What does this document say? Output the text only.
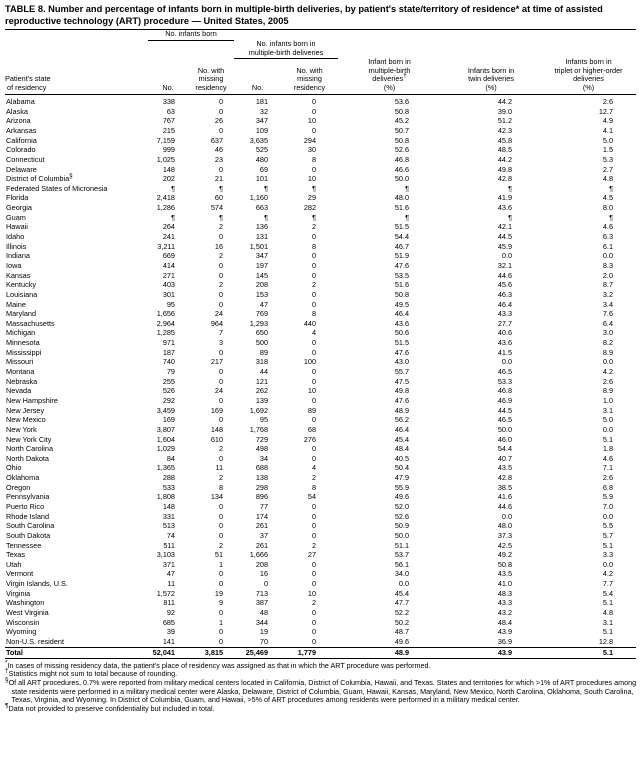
TABLE 8. Number and percentage of infants born in multiple-birth deliveries, by patient's state/territory of residence* at time of assisted reproductive technology (ART) procedure — United States, 2005
	No. infants born						
			No. infants born in
multiple-birth deliveries				

Patient's state
of residency	No.	No. with
missing
residency	No.	No. with
missing
residency	Infant born in
multiple-birth
deliveries†
(%)	Infants born in
twin deliveries
(%)	Infants born in
triplet or higher-order
deliveries
(%)

Alabama	338	0	181	0	53.6	44.2	2.6
Alaska	63	0	32	0	50.8	39.0	12.7
Arizona	767	26	347	10	45.2	51.2	4.9
Arkansas	215	0	109	0	50.7	42.3	4.1
California	7,159	637	3,635	294	50.8	45.8	5.0
Colorado	999	46	525	30	52.6	48.5	1.5
Connecticut	1,025	23	480	8	46.8	44.2	5.3
Delaware	148	0	69	0	46.6	49.8	2.7
District of Columbia§	202	21	101	10	50.0	42.8	4.8
Federated States of Micronesia	¶	¶	¶	¶	¶	¶	¶
Florida	2,418	60	1,160	29	48.0	41.9	4.5
Georgia	1,286	574	663	282	51.6	43.6	8.0
Guam	¶	¶	¶	¶	¶	¶	¶
Hawaii	264	2	136	2	51.5	42.1	4.6
Idaho	241	0	131	0	54.4	44.5	6.3
Illinois	3,211	16	1,501	8	46.7	45.9	6.1
Indiana	669	2	347	0	51.9	0.0	0.0
Iowa	414	0	197	0	47.6	32.1	8.3
Kansas	271	0	145	0	53.5	44.6	2.0
Kentucky	403	2	208	2	51.6	45.6	8.7
Louisiana	301	0	153	0	50.8	46.3	3.2
Maine	95	0	47	0	49.5	46.4	3.4
Maryland	1,656	24	769	8	46.4	43.3	7.6
Massachusetts	2,964	964	1,293	440	43.6	27.7	6.4
Michigan	1,285	7	650	4	50.6	40.6	3.0
Minnesota	971	3	500	0	51.5	43.6	8.2
Mississippi	187	0	89	0	47.6	41.5	8.9
Missouri	740	217	318	100	43.0	0.0	0.0
Montana	79	0	44	0	55.7	46.5	4.2
Nebraska	255	0	121	0	47.5	53.3	2.6
Nevada	526	24	262	10	49.8	46.8	8.9
New Hampshire	292	0	139	0	47.6	46.9	1.0
New Jersey	3,459	169	1,692	89	48.9	44.5	3.1
New Mexico	169	0	95	0	56.2	46.5	5.0
New York	3,807	148	1,768	68	46.4	50.0	0.0
New York City	1,604	610	729	276	45.4	46.0	5.1
North Carolina	1,029	2	498	0	48.4	54.4	1.8
North Dakota	84	0	34	0	40.5	40.7	4.6
Ohio	1,365	11	688	4	50.4	43.5	7.1
Oklahoma	288	2	138	2	47.9	42.8	2.6
Oregon	533	8	298	8	55.9	38.5	6.8
Pennsylvania	1,808	134	896	54	49.6	41.6	5.9
Puerto Rico	148	0	77	0	52.0	44.6	7.0
Rhode Island	331	0	174	0	52.6	0.0	0.0
South Carolina	513	0	261	0	50.9	48.0	5.5
South Dakota	74	0	37	0	50.0	37.3	5.7
Tennessee	511	2	261	2	51.1	42.5	5.1
Texas	3,103	51	1,666	27	53.7	49.2	3.3
Utah	371	1	208	0	56.1	50.8	0.0
Vermont	47	0	16	0	34.0	43.5	4.2
Virgin Islands, U.S.	11	0	0	0	0.0	41.0	7.7
Virginia	1,572	19	713	10	45.4	48.3	5.4
Washington	811	9	387	2	47.7	43.3	5.1
West Virginia	92	0	48	0	52.2	43.2	4.8
Wisconsin	685	1	344	0	50.2	48.4	3.1
Wyoming	39	0	19	0	48.7	43.9	5.1
Non-U.S. resident	141	0	70	0	49.6	36.9	12.8
Total	52,041	3,815	25,469	1,779	48.9	43.9	5.1

*In cases of missing residency data, the patient's place of residency was assigned as that in which the ART procedure was performed.
†Statistics might not sum to total because of rounding.
§Of all ART procedures, 0.7% were reported from military medical centers located in California, District of Columbia, Hawaii, and Texas. States and territories for which >1% of ART procedures among state residents were performed in a military medical center were Alaska, Delaware, District of Columbia, Guam, Hawaii, Kansas, Maryland, New Mexico, North Carolina, Oklahoma, South Carolina, Texas, Virginia, and Wyoming. In District of Columbia, Guam, and Hawaii, >5% of ART procedures among residents were performed in a military medical center.
¶Data not provided to preserve confidentiality but included in total.
